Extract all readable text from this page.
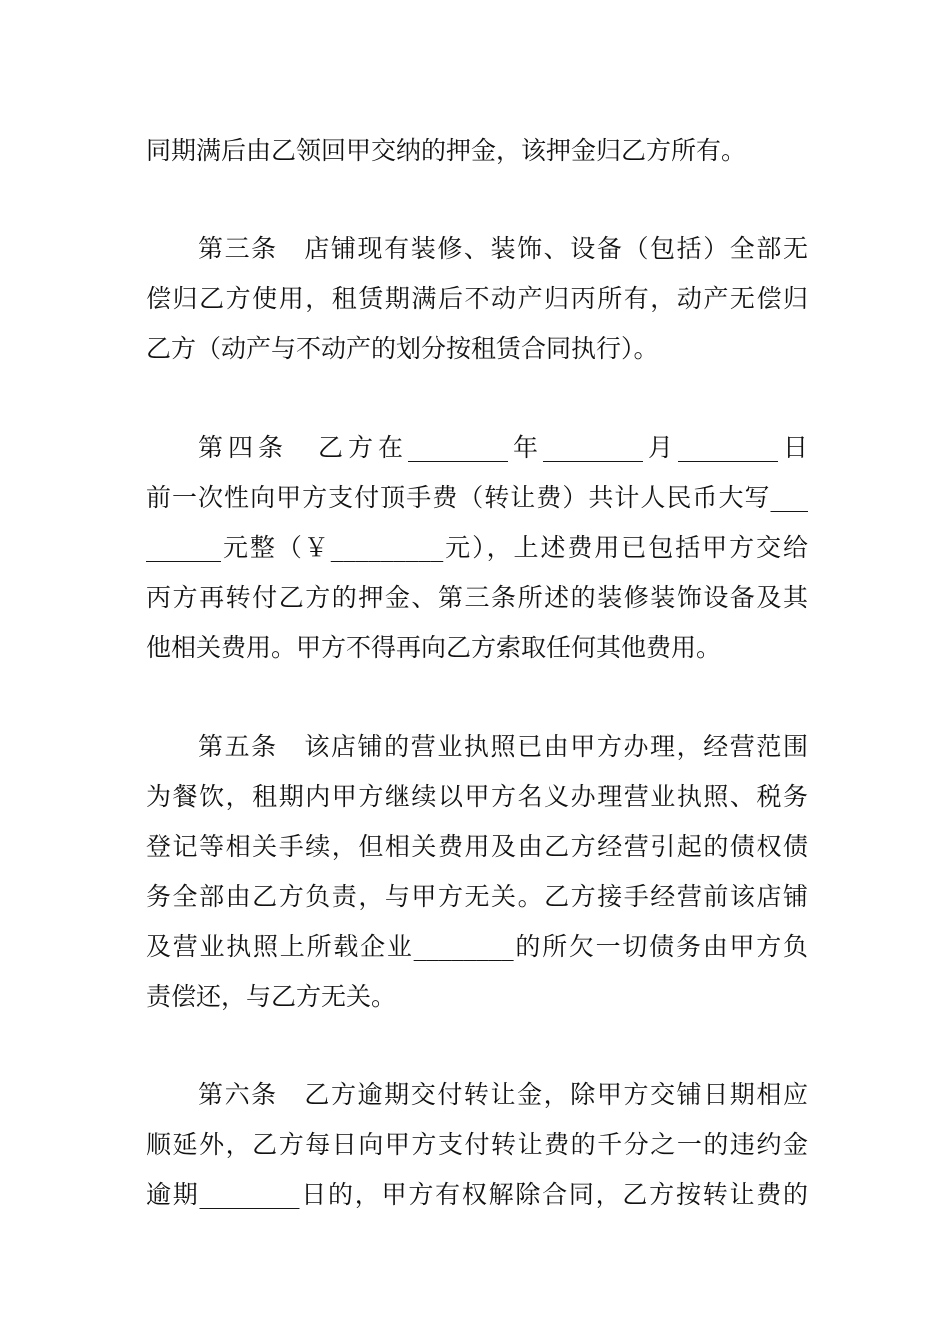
同期满后由乙领回甲交纳的押金，该押金归乙方所有。
第三条　店铺现有装修、装饰、设备（包括）全部无
偿归乙方使用，租赁期满后不动产归丙所有，动产无偿归
乙方（动产与不动产的划分按租赁合同执行）。
第四条　乙方在________年________月________日
前一次性向甲方支付顶手费（转让费）共计人民币大写___
______元整（￥_________元），上述费用已包括甲方交给
丙方再转付乙方的押金、第三条所述的装修装饰设备及其
他相关费用。甲方不得再向乙方索取任何其他费用。
第五条　该店铺的营业执照已由甲方办理，经营范围
为餐饮，租期内甲方继续以甲方名义办理营业执照、税务
登记等相关手续，但相关费用及由乙方经营引起的债权债
务全部由乙方负责，与甲方无关。乙方接手经营前该店铺
及营业执照上所载企业________的所欠一切债务由甲方负
责偿还，与乙方无关。
第六条　乙方逾期交付转让金，除甲方交铺日期相应
顺延外，乙方每日向甲方支付转让费的千分之一的违约金
逾期________日的，甲方有权解除合同，乙方按转让费的
